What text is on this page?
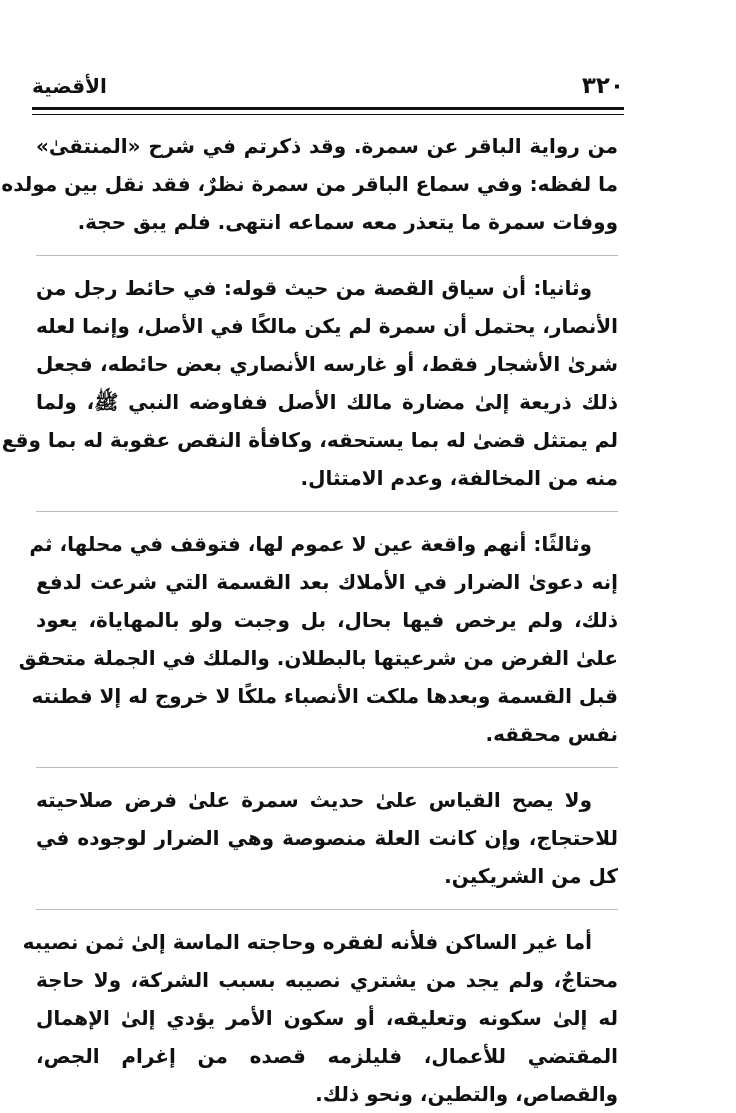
٣٢٠
الأقضية

من رواية الباقر عن سمرة. وقد ذكرتم في شرح «المنتقىٰ»
ما لفظه: وفي سماع الباقر من سمرة نظرٌ، فقد نقل بين مولده
ووفات سمرة ما يتعذر معه سماعه انتهى. فلم يبق حجة.

وثانيا: أن سياق القصة من حيث قوله: في حائط رجل من
الأنصار، يحتمل أن سمرة لم يكن مالكًا في الأصل، وإنما لعله
شرىٰ الأشجار فقط، أو غارسه الأنصاري بعض حائطه، فجعل
ذلك ذريعة إلىٰ مضارة مالك الأصل ففاوضه النبي ﷺ، ولما
لم يمتثل قضىٰ له بما يستحقه، وكافأة النقص عقوبة له بما وقع
منه من المخالفة، وعدم الامتثال.

وثالثًا: أنهم واقعة عين لا عموم لها، فتوقف في محلها، ثم
إنه دعوىٰ الضرار في الأملاك بعد القسمة التي شرعت لدفع
ذلك، ولم يرخص فيها بحال، بل وجبت ولو بالمهاياة، يعود
علىٰ الفرض من شرعيتها بالبطلان. والملك في الجملة متحقق
قبل القسمة وبعدها ملكت الأنصباء ملكًا لا خروج له إلا فطنته
نفس محققه.

ولا يصح القياس علىٰ حديث سمرة علىٰ فرض صلاحيته
للاحتجاج، وإن كانت العلة منصوصة وهي الضرار لوجوده في
كل من الشريكين.

أما غير الساكن فلأنه لفقره وحاجته الماسة إلىٰ ثمن نصيبه
محتاجٌ، ولم يجد من يشتري نصيبه بسبب الشركة، ولا حاجة
له إلىٰ سكونه وتعليقه، أو سكون الأمر يؤدي إلىٰ الإهمال
المقتضي للأعمال، فليلزمه قصده من إغرام الجص،
والقصاص، والتطين، ونحو ذلك.
